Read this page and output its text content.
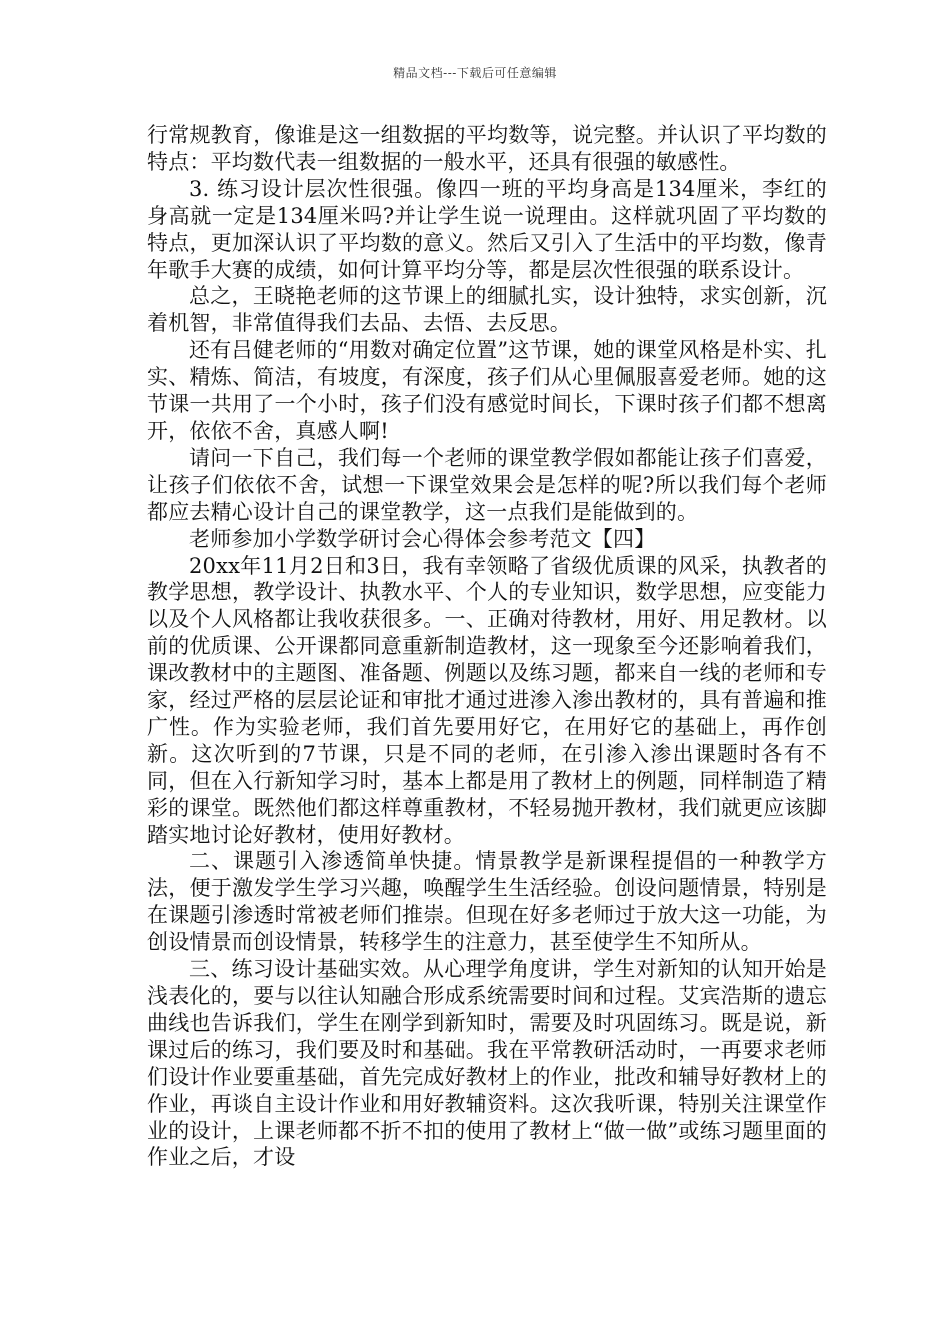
精品文档---下载后可任意编辑

行常规教育，像谁是这一组数据的平均数等，说完整。并认识了平均数的特点：平均数代表一组数据的一般水平，还具有很强的敏感性。

3. 练习设计层次性很强。像四一班的平均身高是134厘米，李红的身高就一定是134厘米吗?并让学生说一说理由。这样就巩固了平均数的特点，更加深认识了平均数的意义。然后又引入了生活中的平均数，像青年歌手大赛的成绩，如何计算平均分等，都是层次性很强的联系设计。

总之，王晓艳老师的这节课上的细腻扎实，设计独特，求实创新，沉着机智，非常值得我们去品、去悟、去反思。

还有吕健老师的“用数对确定位置”这节课，她的课堂风格是朴实、扎实、精炼、简洁，有坡度，有深度，孩子们从心里佩服喜爱老师。她的这节课一共用了一个小时，孩子们没有感觉时间长，下课时孩子们都不想离开，依依不舍，真感人啊!

请问一下自己，我们每一个老师的课堂教学假如都能让孩子们喜爱，让孩子们依依不舍，试想一下课堂效果会是怎样的呢?所以我们每个老师都应去精心设计自己的课堂教学，这一点我们是能做到的。

老师参加小学数学研讨会心得体会参考范文【四】

20xx年11月2日和3日，我有幸领略了省级优质课的风采，执教者的教学思想，教学设计、执教水平、个人的专业知识，数学思想，应变能力以及个人风格都让我收获很多。一、正确对待教材，用好、用足教材。以前的优质课、公开课都同意重新制造教材，这一现象至今还影响着我们，课改教材中的主题图、准备题、例题以及练习题，都来自一线的老师和专家，经过严格的层层论证和审批才通过进渗入渗出教材的，具有普遍和推广性。作为实验老师，我们首先要用好它，在用好它的基础上，再作创新。这次听到的7节课，只是不同的老师，在引渗入渗出课题时各有不同，但在入行新知学习时，基本上都是用了教材上的例题，同样制造了精彩的课堂。既然他们都这样尊重教材，不轻易抛开教材，我们就更应该脚踏实地讨论好教材，使用好教材。

二、课题引入渗透简单快捷。情景教学是新课程提倡的一种教学方法，便于激发学生学习兴趣，唤醒学生生活经验。创设问题情景，特别是在课题引渗透时常被老师们推崇。但现在好多老师过于放大这一功能，为创设情景而创设情景，转移学生的注意力，甚至使学生不知所从。

三、练习设计基础实效。从心理学角度讲，学生对新知的认知开始是浅表化的，要与以往认知融合形成系统需要时间和过程。艾宾浩斯的遗忘曲线也告诉我们，学生在刚学到新知时，需要及时巩固练习。既是说，新课过后的练习，我们要及时和基础。我在平常教研活动时，一再要求老师们设计作业要重基础，首先完成好教材上的作业，批改和辅导好教材上的作业，再谈自主设计作业和用好教辅资料。这次我听课，特别关注课堂作业的设计，上课老师都不折不扣的使用了教材上“做一做”或练习题里面的作业之后，才设
